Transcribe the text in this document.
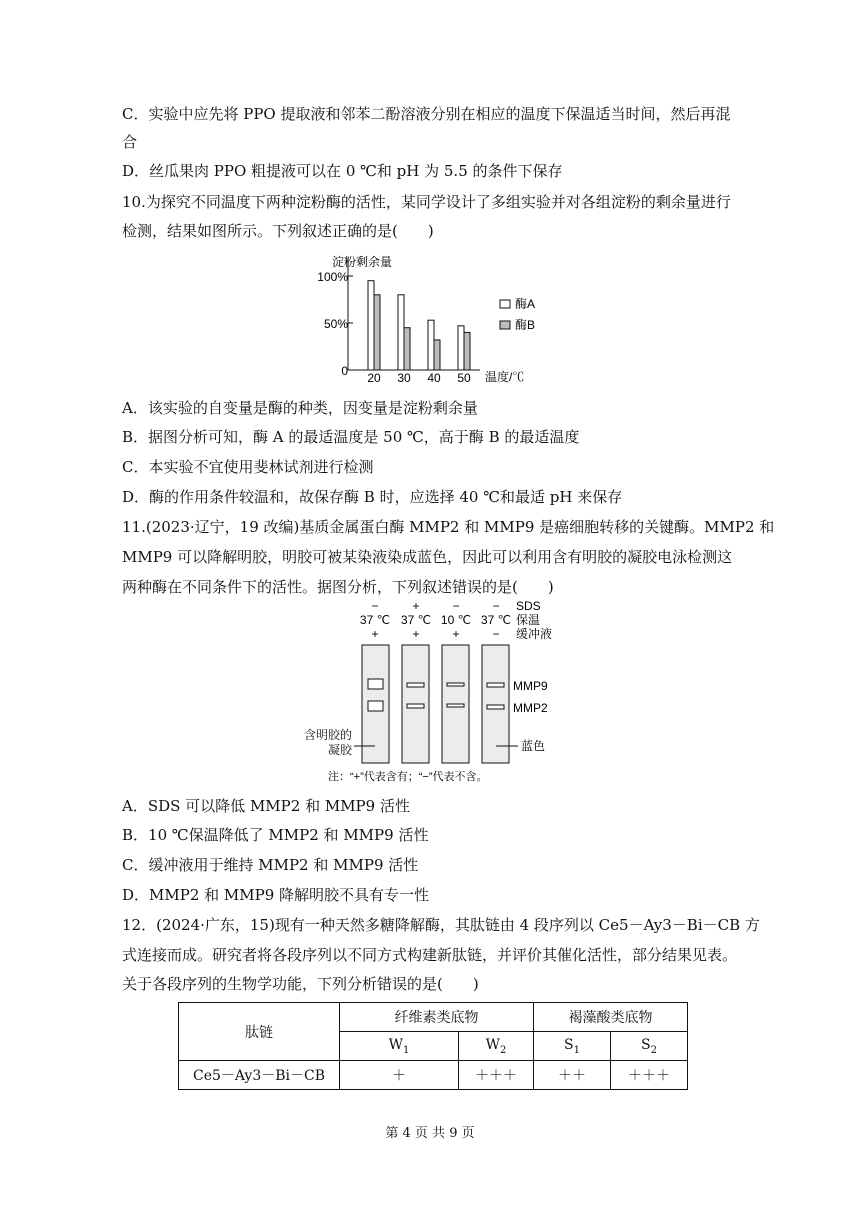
C．实验中应先将 PPO 提取液和邻苯二酚溶液分别在相应的温度下保温适当时间，然后再混
合
D．丝瓜果肉 PPO 粗提液可以在 0 ℃和 pH 为 5.5 的条件下保存
10.为探究不同温度下两种淀粉酶的活性，某同学设计了多组实验并对各组淀粉的剩余量进行
检测，结果如图所示。下列叙述正确的是(　　)
淀粉剩余量
100%
50%
0 20 30 40 50 温度/℃
酶A
酶B
A．该实验的自变量是酶的种类，因变量是淀粉剩余量
B．据图分析可知，酶 A 的最适温度是 50 ℃，高于酶 B 的最适温度
C．本实验不宜使用斐林试剂进行检测
D．酶的作用条件较温和，故保存酶 B 时，应选择 40 ℃和最适 pH 来保存
11.(2023·辽宁，19 改编)基质金属蛋白酶 MMP2 和 MMP9 是癌细胞转移的关键酶。MMP2 和
MMP9 可以降解明胶，明胶可被某染液染成蓝色，因此可以利用含有明胶的凝胶电泳检测这
两种酶在不同条件下的活性。据图分析，下列叙述错误的是(　　)
−
37 ℃
+
+
37 ℃
+
−
10 ℃
+
−
37 ℃
−
SDS
保温
缓冲液
MMP9
MMP2
含明胶的凝胶	蓝色
注：“+”代表含有；“−”代表不含。
A．SDS 可以降低 MMP2 和 MMP9 活性
B．10 ℃保温降低了 MMP2 和 MMP9 活性
C．缓冲液用于维持 MMP2 和 MMP9 活性
D．MMP2 和 MMP9 降解明胶不具有专一性
12．(2024·广东，15)现有一种天然多糖降解酶，其肽链由 4 段序列以 Ce5－Ay3－Bi－CB 方
式连接而成。研究者将各段序列以不同方式构建新肽链，并评价其催化活性，部分结果见表。
关于各段序列的生物学功能，下列分析错误的是(　　)
肽链	纤维素类底物		褐藻酸类底物	
	$W_1$	$W_2$	$S_1$	$S_2$
Ce5－Ay3－Bi－CB	＋	＋＋＋	＋＋	＋＋＋
第 4 页 共 9 页
